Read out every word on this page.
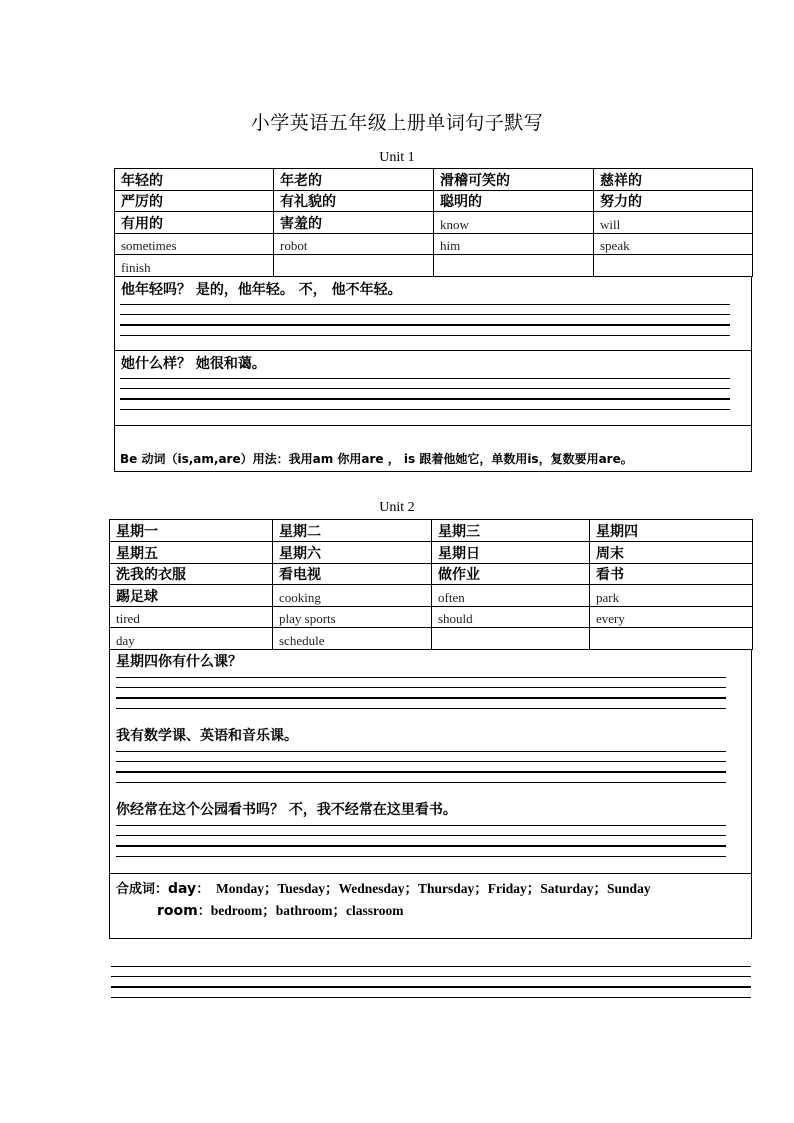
小学英语五年级上册单词句子默写
Unit 1
年轻的	年老的	滑稽可笑的	慈祥的
严厉的	有礼貌的	聪明的	努力的
有用的	害羞的	know	will
sometimes	robot	him	speak
finish			
他年轻吗？ 是的，他年轻。 不， 他不年轻。
她什么样？ 她很和蔼。
Be 动词（is,am,are）用法：我用am 你用are ， is 跟着他她它，单数用is，复数要用are。
Unit 2
星期一	星期二	星期三	星期四
星期五	星期六	星期日	周末
洗我的衣服	看电视	做作业	看书
踢足球	cooking	often	park
tired	play sports	should	every
day	schedule		
星期四你有什么课？
我有数学课、英语和音乐课。
你经常在这个公园看书吗？ 不，我不经常在这里看书。
合成词：day： Monday；Tuesday；Wednesday；Thursday；Friday；Saturday；Sunday
room：bedroom；bathroom；classroom
